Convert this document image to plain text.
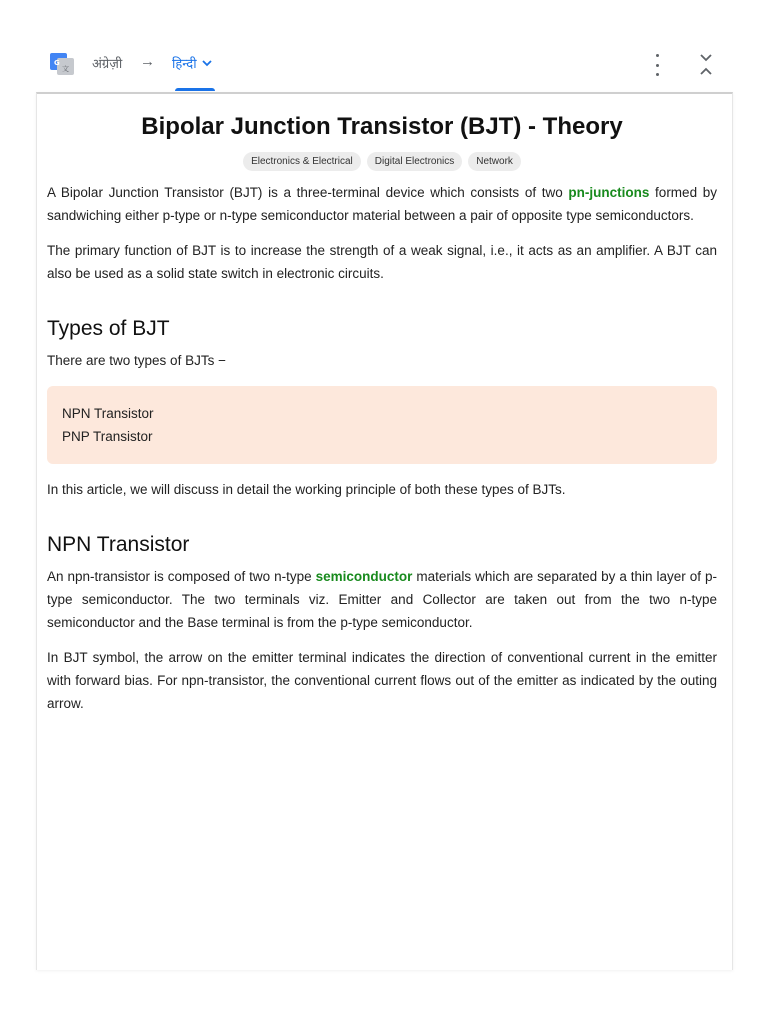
G
文 अंग्रेज़ी → हिन्दी
Bipolar Junction Transistor (BJT) - Theory
Electronics & Electrical	Digital Electronics	Network

A Bipolar Junction Transistor (BJT) is a three-terminal device which consists of two pn-junctions formed by sandwiching either p-type or n-type semiconductor material between a pair of opposite type semiconductors.

The primary function of BJT is to increase the strength of a weak signal, i.e., it acts as an amplifier. A BJT can also be used as a solid state switch in electronic circuits.

Types of BJT

There are two types of BJTs −

NPN Transistor
PNP Transistor

In this article, we will discuss in detail the working principle of both these types of BJTs.

NPN Transistor

An npn-transistor is composed of two n-type semiconductor materials which are separated by a thin layer of p-type semiconductor. The two terminals viz. Emitter and Collector are taken out from the two n-type semiconductor and the Base terminal is from the p-type semiconductor.

In BJT symbol, the arrow on the emitter terminal indicates the direction of conventional current in the emitter with forward bias. For npn-transistor, the conventional current flows out of the emitter as indicated by the outing arrow.
